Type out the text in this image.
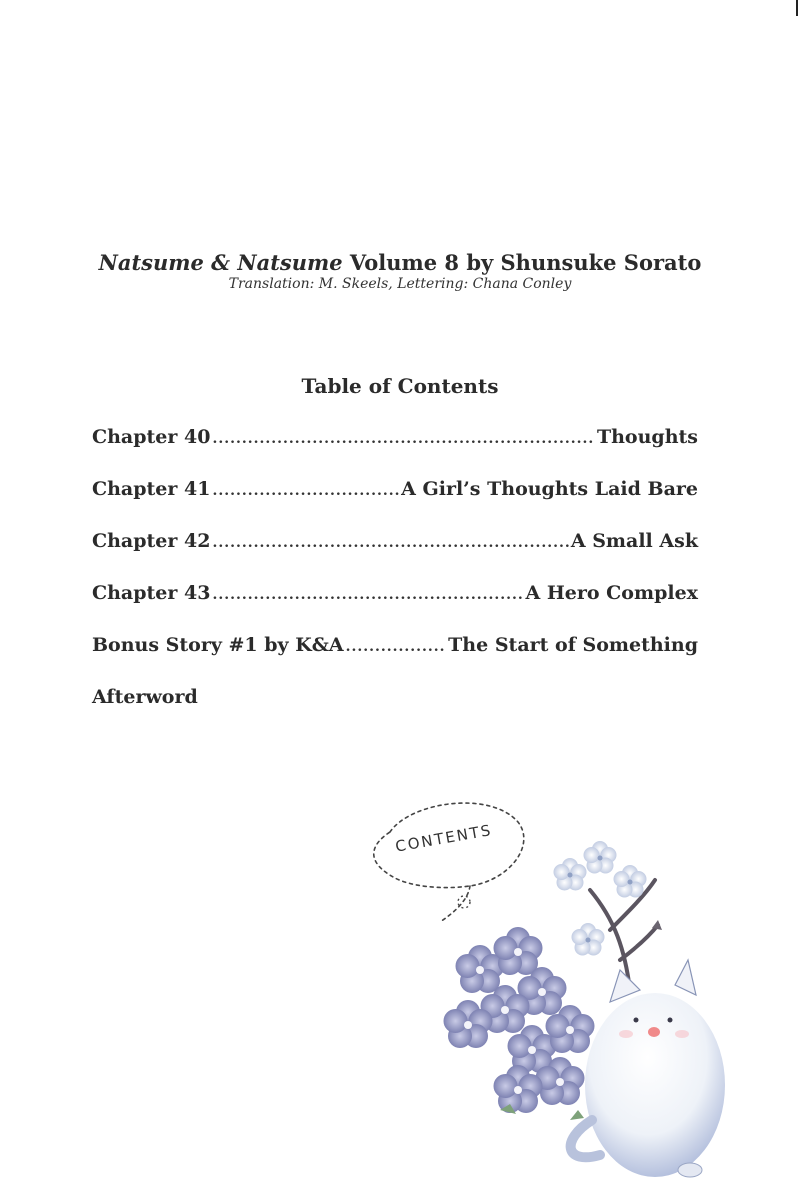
Natsume & Natsume Volume 8 by Shunsuke Sorato
Translation: M. Skeels, Lettering: Chana Conley
Table of Contents
Chapter 40 .....	Thoughts
Chapter 41 .....	A Girl’s Thoughts Laid Bare
Chapter 42 .....	A Small Ask
Chapter 43 .....	A Hero Complex
Bonus Story #1 by K&A .....	The Start of Something
Afterword
CONTENTS
